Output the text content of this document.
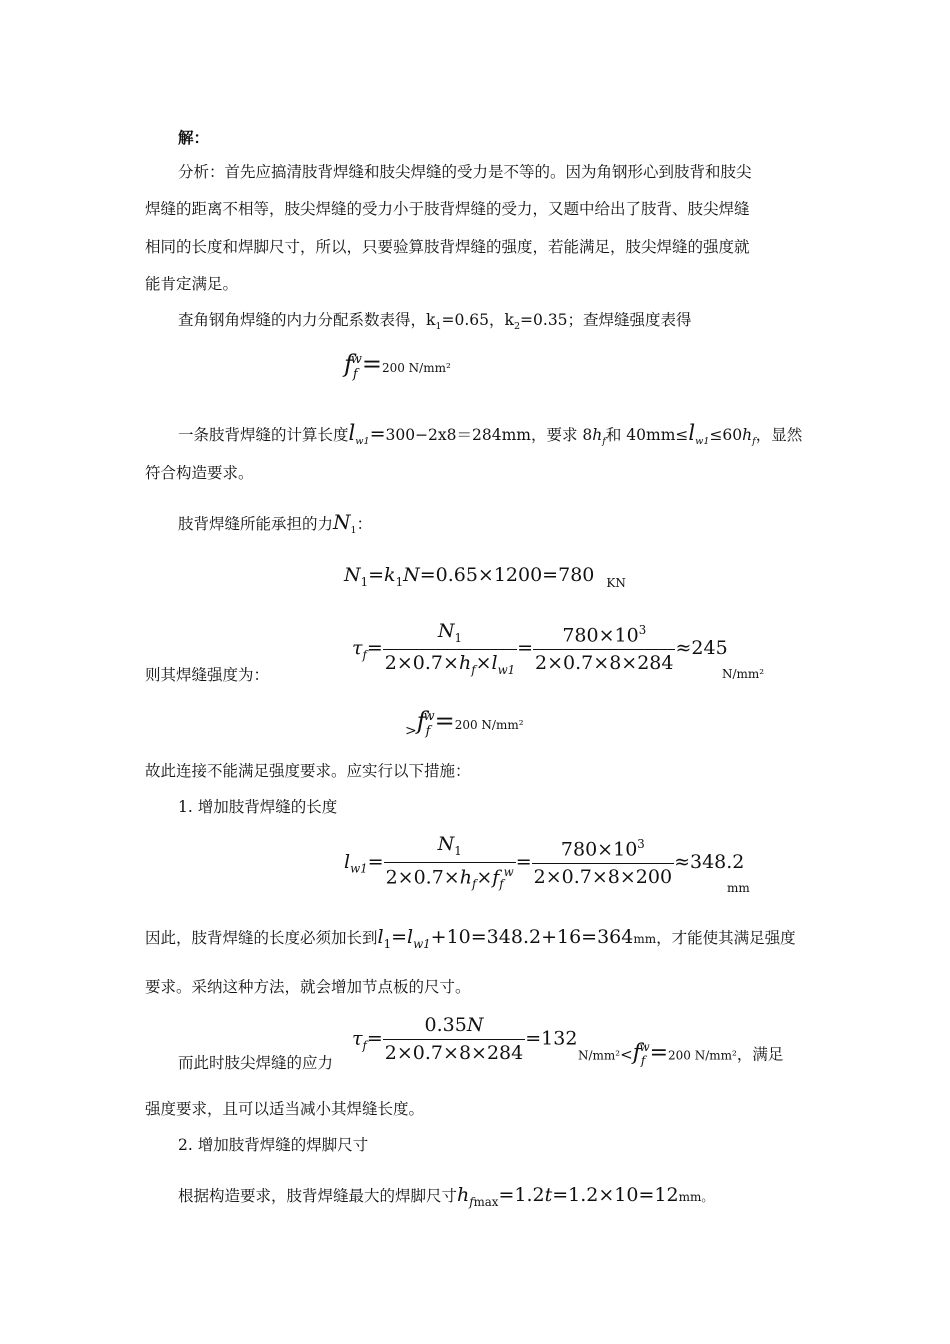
解：
分析：首先应搞清肢背焊缝和肢尖焊缝的受力是不等的。因为角钢形心到肢背和肢尖
焊缝的距离不相等，肢尖焊缝的受力小于肢背焊缝的受力，又题中给出了肢背、肢尖焊缝
相同的长度和焊脚尺寸，所以，只要验算肢背焊缝的强度，若能满足，肢尖焊缝的强度就
能肯定满足。
查角钢角焊缝的内力分配系数表得，$k_1=0.65$，$k_2=0.35$；查焊缝强度表得
$f_f^w=200$ N/mm²
一条肢背焊缝的计算长度$l_{w1}=300-2x8=284mm$，要求 $8h_f$和 $40mm\le l_{w1}\le 60h_f$，显然
符合构造要求。
肢背焊缝所能承担的力$N_1$：
$N_1=k_1N=0.65\times 1200=780$ $_{KN}$
则其焊缝强度为：
$\tau_f= \frac{N_1}{2\times 0.7\times h_f\times l_{w1}} = \frac{780\times 10^3}{2\times 0.7\times 8\times 284} \approx 245$
N/mm²
$_>f_f^w=200$ N/mm²
故此连接不能满足强度要求。应实行以下措施：
1. 增加肢背焊缝的长度
$l_{w1}= \frac{N_1}{2\times 0.7\times h_f\times f_f^w} = \frac{780\times 10^3}{2\times 0.7\times 8\times 200} \approx 348.2$
mm
因此，肢背焊缝的长度必须加长到$l_1=l_{w1}+10=348.2+16=364mm$，才能使其满足强度
要求。采纳这种方法，就会增加节点板的尺寸。
而此时肢尖焊缝的应力
$\tau_f= \frac{0.35N}{2\times 0.7\times 8\times 284} =132$
$N/mm^2<f_f^w=200$ N/mm²，满足
强度要求，且可以适当减小其焊缝长度。
2. 增加肢背焊缝的焊脚尺寸
根据构造要求，肢背焊缝最大的焊脚尺寸$h_{fmax}=1.2t=1.2\times 10=12mm$。
